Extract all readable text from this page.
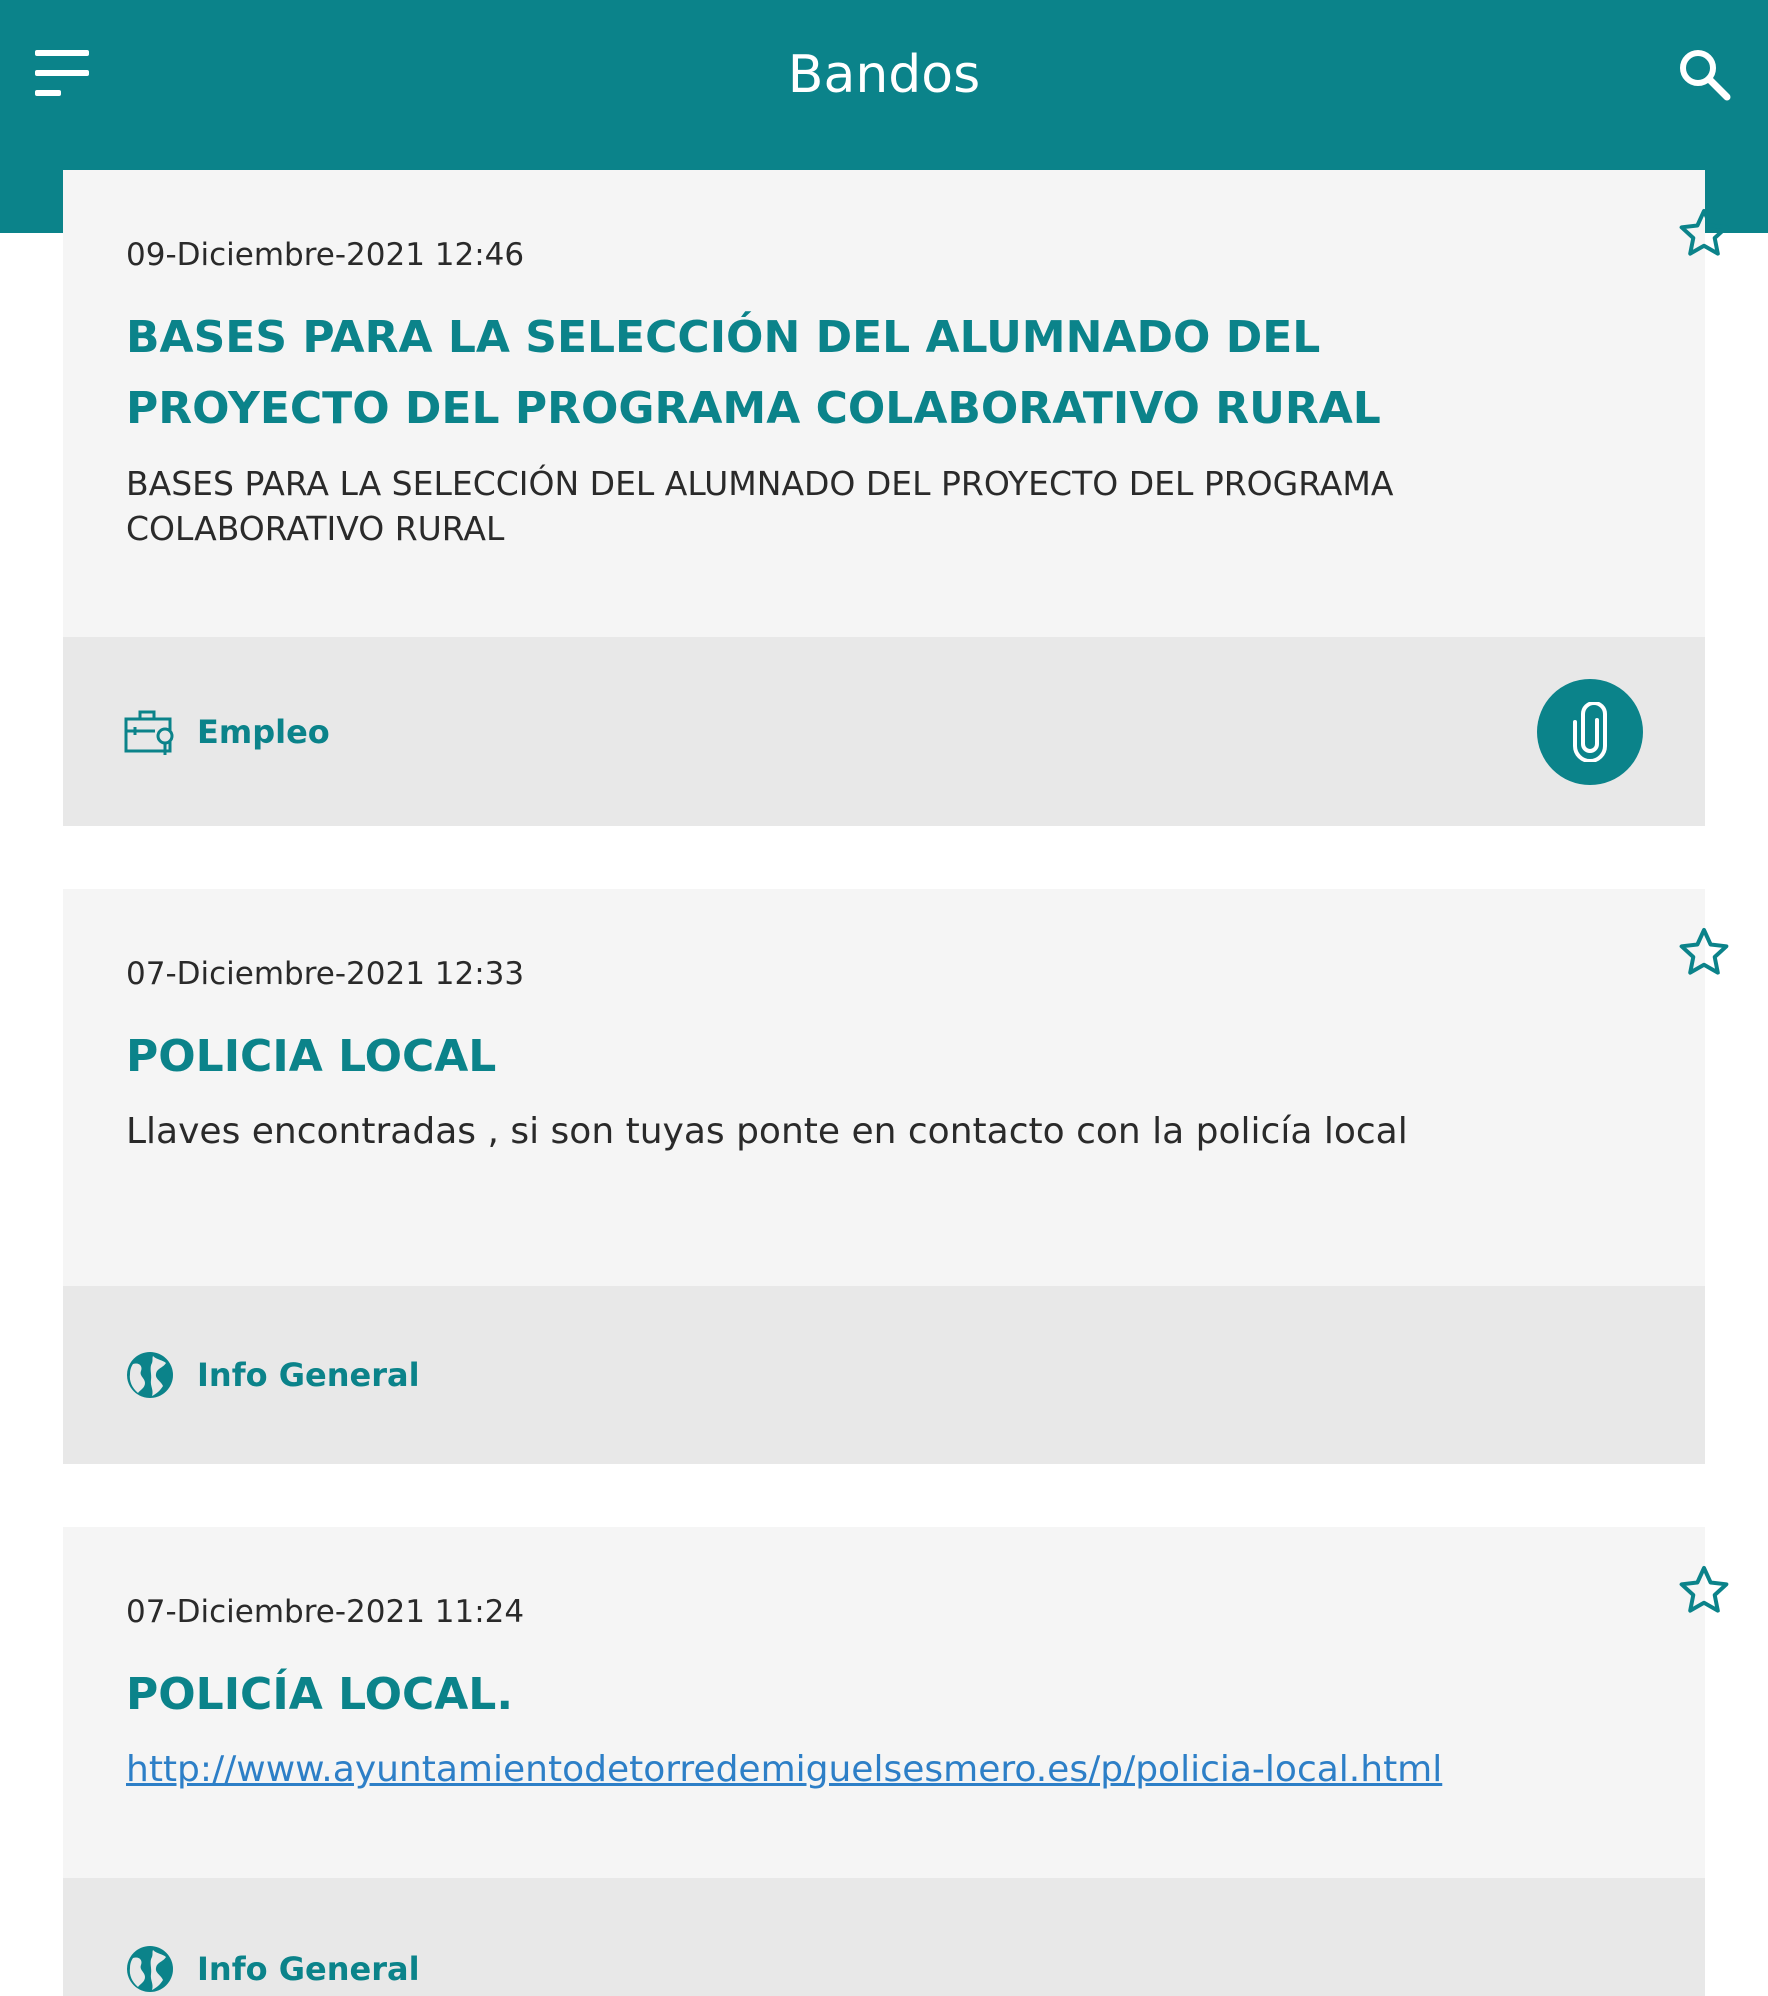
Bandos
09-Diciembre-2021 12:46
BASES PARA LA SELECCIÓN DEL ALUMNADO DEL PROYECTO DEL PROGRAMA COLABORATIVO RURAL
BASES PARA LA SELECCIÓN DEL ALUMNADO DEL PROYECTO DEL PROGRAMA COLABORATIVO RURAL
Empleo
07-Diciembre-2021 12:33
POLICIA LOCAL
Llaves encontradas , si son tuyas ponte en contacto con la policía local
Info General
07-Diciembre-2021 11:24
POLICÍA LOCAL.
http://www.ayuntamientodetorredemiguelsesmero.es/p/policia-local.html
Info General
